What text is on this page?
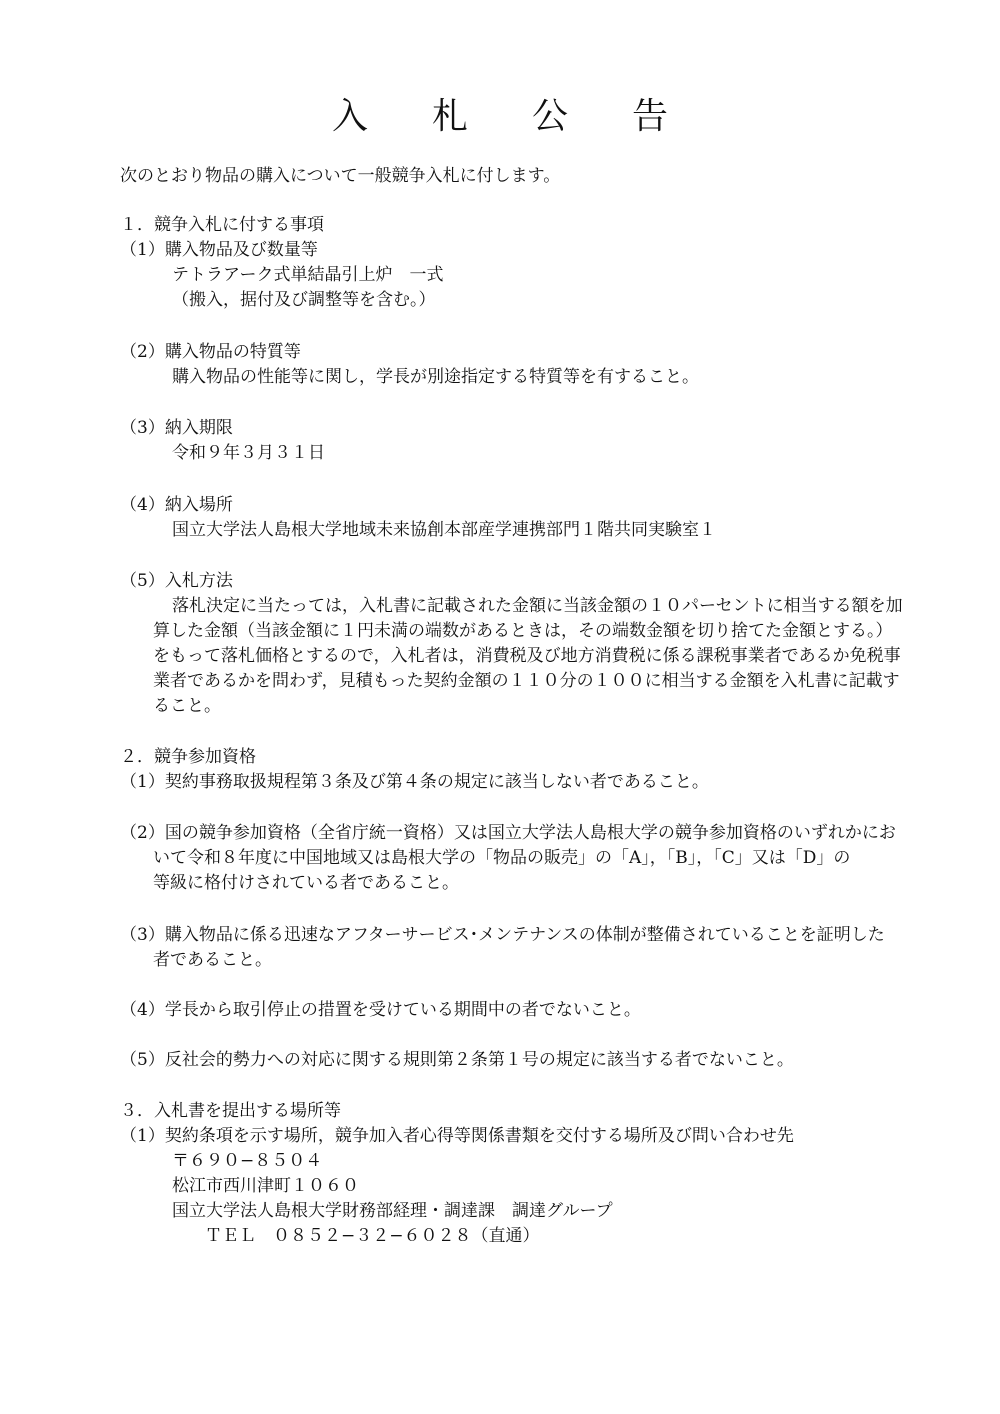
入 札 公 告
次のとおり物品の購入について一般競争入札に付します。
１．競争入札に付する事項
（1）購入物品及び数量等
テトラアーク式単結晶引上炉　一式
（搬入，据付及び調整等を含む。）
（2）購入物品の特質等
購入物品の性能等に関し，学長が別途指定する特質等を有すること。
（3）納入期限
令和９年３月３１日
（4）納入場所
国立大学法人島根大学地域未来協創本部産学連携部門１階共同実験室１
（5）入札方法
落札決定に当たっては，入札書に記載された金額に当該金額の１０パーセントに相当する額を加
算した金額（当該金額に１円未満の端数があるときは，その端数金額を切り捨てた金額とする。）
をもって落札価格とするので，入札者は，消費税及び地方消費税に係る課税事業者であるか免税事
業者であるかを問わず，見積もった契約金額の１１０分の１００に相当する金額を入札書に記載す
ること。
２．競争参加資格
（1）契約事務取扱規程第３条及び第４条の規定に該当しない者であること。
（2）国の競争参加資格（全省庁統一資格）又は国立大学法人島根大学の競争参加資格のいずれかにお
いて令和８年度に中国地域又は島根大学の「物品の販売」の「A」，「B」，「C」又は「D」の
等級に格付けされている者であること。
（3）購入物品に係る迅速なアフターサービス･メンテナンスの体制が整備されていることを証明した
者であること。
（4）学長から取引停止の措置を受けている期間中の者でないこと。
（5）反社会的勢力への対応に関する規則第２条第１号の規定に該当する者でないこと。
３．入札書を提出する場所等
（1）契約条項を示す場所，競争加入者心得等関係書類を交付する場所及び問い合わせ先
〒６９０−８５０４
松江市西川津町１０６０
国立大学法人島根大学財務部経理・調達課　調達グループ
ＴＥＬ　０８５２−３２−６０２８（直通）
